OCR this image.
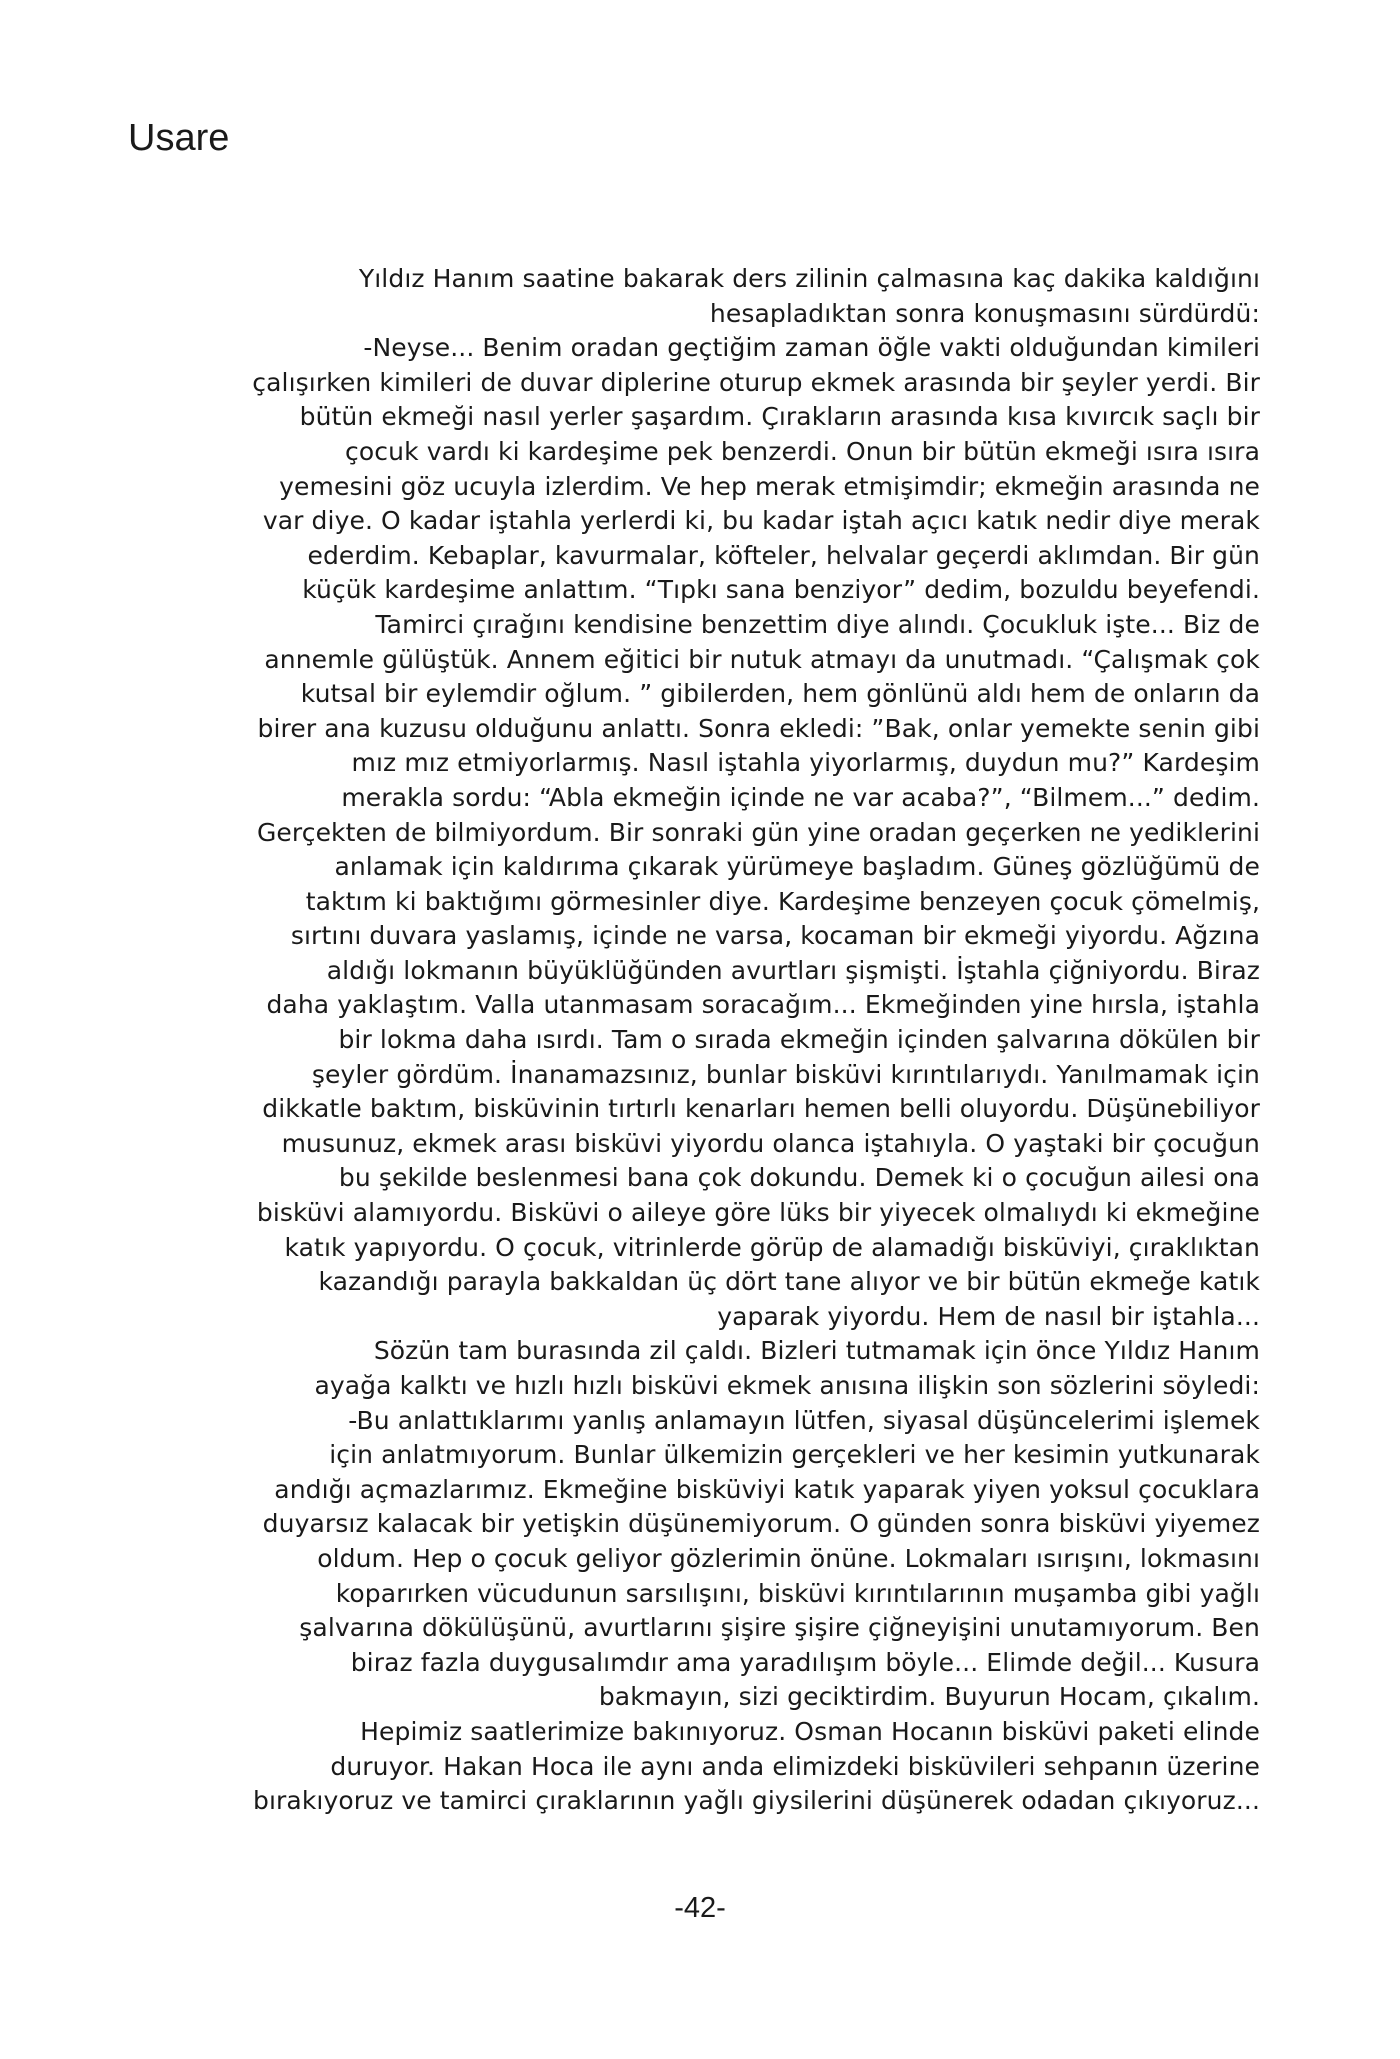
Usare
Yıldız Hanım saatine bakarak ders zilinin çalmasına kaç dakika kaldığını
hesapladıktan sonra konuşmasını sürdürdü:
-Neyse... Benim oradan geçtiğim zaman öğle vakti olduğundan kimileri
çalışırken kimileri de duvar diplerine oturup ekmek arasında bir şeyler yerdi. Bir
bütün ekmeği nasıl yerler şaşardım. Çırakların arasında kısa kıvırcık saçlı bir
çocuk vardı ki kardeşime pek benzerdi. Onun bir bütün ekmeği ısıra ısıra
yemesini göz ucuyla izlerdim. Ve hep merak etmişimdir; ekmeğin arasında ne
var diye. O kadar iştahla yerlerdi ki, bu kadar iştah açıcı katık nedir diye merak
ederdim. Kebaplar, kavurmalar, köfteler, helvalar geçerdi aklımdan. Bir gün
küçük kardeşime anlattım. “Tıpkı sana benziyor” dedim, bozuldu beyefendi.
Tamirci çırağını kendisine benzettim diye alındı. Çocukluk işte... Biz de
annemle gülüştük. Annem eğitici bir nutuk atmayı da unutmadı. “Çalışmak çok
kutsal bir eylemdir oğlum. ” gibilerden, hem gönlünü aldı hem de onların da
birer ana kuzusu olduğunu anlattı. Sonra ekledi: ”Bak, onlar yemekte senin gibi
mız mız etmiyorlarmış. Nasıl iştahla yiyorlarmış, duydun mu?” Kardeşim
merakla sordu: “Abla ekmeğin içinde ne var acaba?”, “Bilmem...” dedim.
Gerçekten de bilmiyordum. Bir sonraki gün yine oradan geçerken ne yediklerini
anlamak için kaldırıma çıkarak yürümeye başladım. Güneş gözlüğümü de
taktım ki baktığımı görmesinler diye. Kardeşime benzeyen çocuk çömelmiş,
sırtını duvara yaslamış, içinde ne varsa, kocaman bir ekmeği yiyordu. Ağzına
aldığı lokmanın büyüklüğünden avurtları şişmişti. İştahla çiğniyordu. Biraz
daha yaklaştım. Valla utanmasam soracağım... Ekmeğinden yine hırsla, iştahla
bir lokma daha ısırdı. Tam o sırada ekmeğin içinden şalvarına dökülen bir
şeyler gördüm. İnanamazsınız, bunlar bisküvi kırıntılarıydı. Yanılmamak için
dikkatle baktım, bisküvinin tırtırlı kenarları hemen belli oluyordu. Düşünebiliyor
musunuz, ekmek arası bisküvi yiyordu olanca iştahıyla. O yaştaki bir çocuğun
bu şekilde beslenmesi bana çok dokundu. Demek ki o çocuğun ailesi ona
bisküvi alamıyordu. Bisküvi o aileye göre lüks bir yiyecek olmalıydı ki ekmeğine
katık yapıyordu. O çocuk, vitrinlerde görüp de alamadığı bisküviyi, çıraklıktan
kazandığı parayla bakkaldan üç dört tane alıyor ve bir bütün ekmeğe katık
yaparak yiyordu. Hem de nasıl bir iştahla...
Sözün tam burasında zil çaldı. Bizleri tutmamak için önce Yıldız Hanım
ayağa kalktı ve hızlı hızlı bisküvi ekmek anısına ilişkin son sözlerini söyledi:
-Bu anlattıklarımı yanlış anlamayın lütfen, siyasal düşüncelerimi işlemek
için anlatmıyorum. Bunlar ülkemizin gerçekleri ve her kesimin yutkunarak
andığı açmazlarımız. Ekmeğine bisküviyi katık yaparak yiyen yoksul çocuklara
duyarsız kalacak bir yetişkin düşünemiyorum. O günden sonra bisküvi yiyemez
oldum. Hep o çocuk geliyor gözlerimin önüne. Lokmaları ısırışını, lokmasını
koparırken vücudunun sarsılışını, bisküvi kırıntılarının muşamba gibi yağlı
şalvarına dökülüşünü, avurtlarını şişire şişire çiğneyişini unutamıyorum. Ben
biraz fazla duygusalımdır ama yaradılışım böyle... Elimde değil... Kusura
bakmayın, sizi geciktirdim. Buyurun Hocam, çıkalım.
Hepimiz saatlerimize bakınıyoruz. Osman Hocanın bisküvi paketi elinde
duruyor. Hakan Hoca ile aynı anda elimizdeki bisküvileri sehpanın üzerine
bırakıyoruz ve tamirci çıraklarının yağlı giysilerini düşünerek odadan çıkıyoruz...
-42-
